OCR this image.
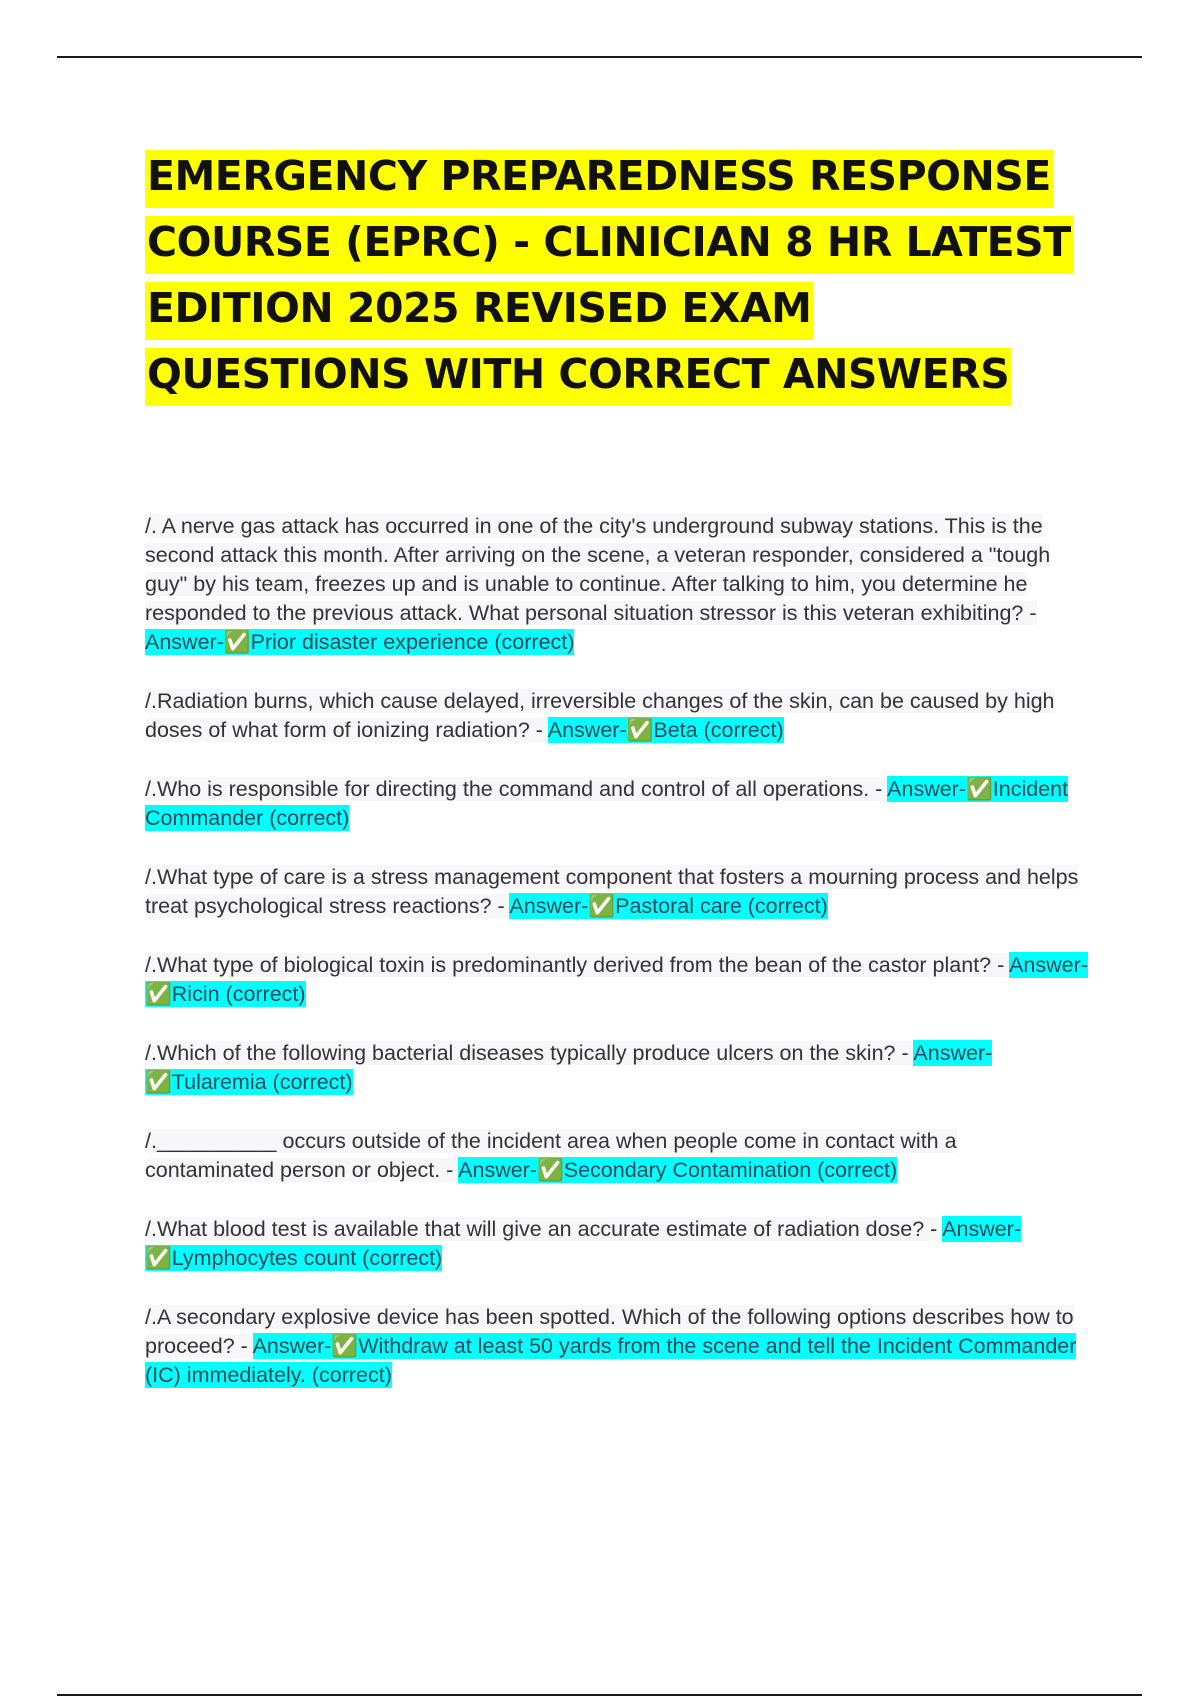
EMERGENCY PREPAREDNESS RESPONSE
COURSE (EPRC) - CLINICIAN 8 HR LATEST
EDITION 2025 REVISED EXAM
QUESTIONS WITH CORRECT ANSWERS

/. A nerve gas attack has occurred in one of the city's underground subway stations. This is the second attack this month. After arriving on the scene, a veteran responder, considered a "tough guy" by his team, freezes up and is unable to continue. After talking to him, you determine he responded to the previous attack. What personal situation stressor is this veteran exhibiting? - Answer-✅Prior disaster experience (correct)

/.Radiation burns, which cause delayed, irreversible changes of the skin, can be caused by high doses of what form of ionizing radiation? - Answer-✅Beta (correct)

/.Who is responsible for directing the command and control of all operations. - Answer-✅Incident Commander (correct)

/.What type of care is a stress management component that fosters a mourning process and helps treat psychological stress reactions? - Answer-✅Pastoral care (correct)

/.What type of biological toxin is predominantly derived from the bean of the castor plant? - Answer-✅Ricin (correct)

/.Which of the following bacterial diseases typically produce ulcers on the skin? - Answer-✅Tularemia (correct)

/.__________ occurs outside of the incident area when people come in contact with a contaminated person or object. - Answer-✅Secondary Contamination (correct)

/.What blood test is available that will give an accurate estimate of radiation dose? - Answer-✅Lymphocytes count (correct)

/.A secondary explosive device has been spotted. Which of the following options describes how to proceed? - Answer-✅Withdraw at least 50 yards from the scene and tell the Incident Commander (IC) immediately. (correct)
